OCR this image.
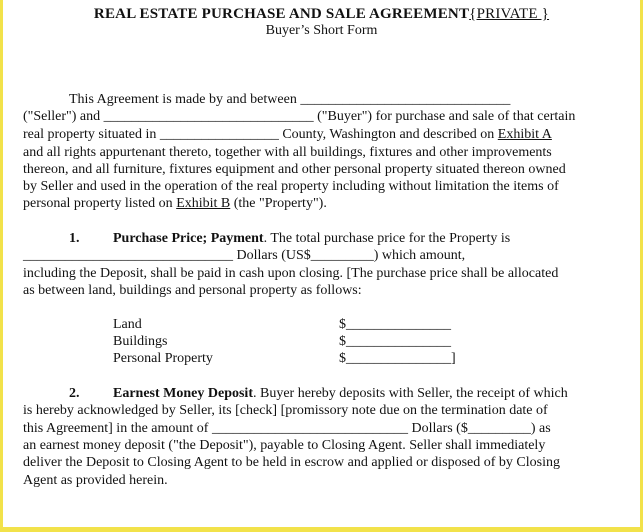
REAL ESTATE PURCHASE AND SALE AGREEMENT{PRIVATE }
Buyer’s Short Form
This Agreement is made by and between ______________________________
("Seller") and ______________________________ ("Buyer") for purchase and sale of that certain
real property situated in _________________ County, Washington and described on Exhibit A
and all rights appurtenant thereto, together with all buildings, fixtures and other improvements
thereon, and all furniture, fixtures equipment and other personal property situated thereon owned
by Seller and used in the operation of the real property including without limitation the items of
personal property listed on Exhibit B (the "Property").
1. Purchase Price; Payment. The total purchase price for the Property is
______________________________ Dollars (US$_________) which amount,
including the Deposit, shall be paid in cash upon closing. [The purchase price shall be allocated
as between land, buildings and personal property as follows:
Land	$_______________
Buildings	$_______________
Personal Property	$_______________]
2. Earnest Money Deposit. Buyer hereby deposits with Seller, the receipt of which
is hereby acknowledged by Seller, its [check] [promissory note due on the termination date of
this Agreement] in the amount of ____________________________ Dollars ($_________) as
an earnest money deposit ("the Deposit"), payable to Closing Agent. Seller shall immediately
deliver the Deposit to Closing Agent to be held in escrow and applied or disposed of by Closing
Agent as provided herein.
